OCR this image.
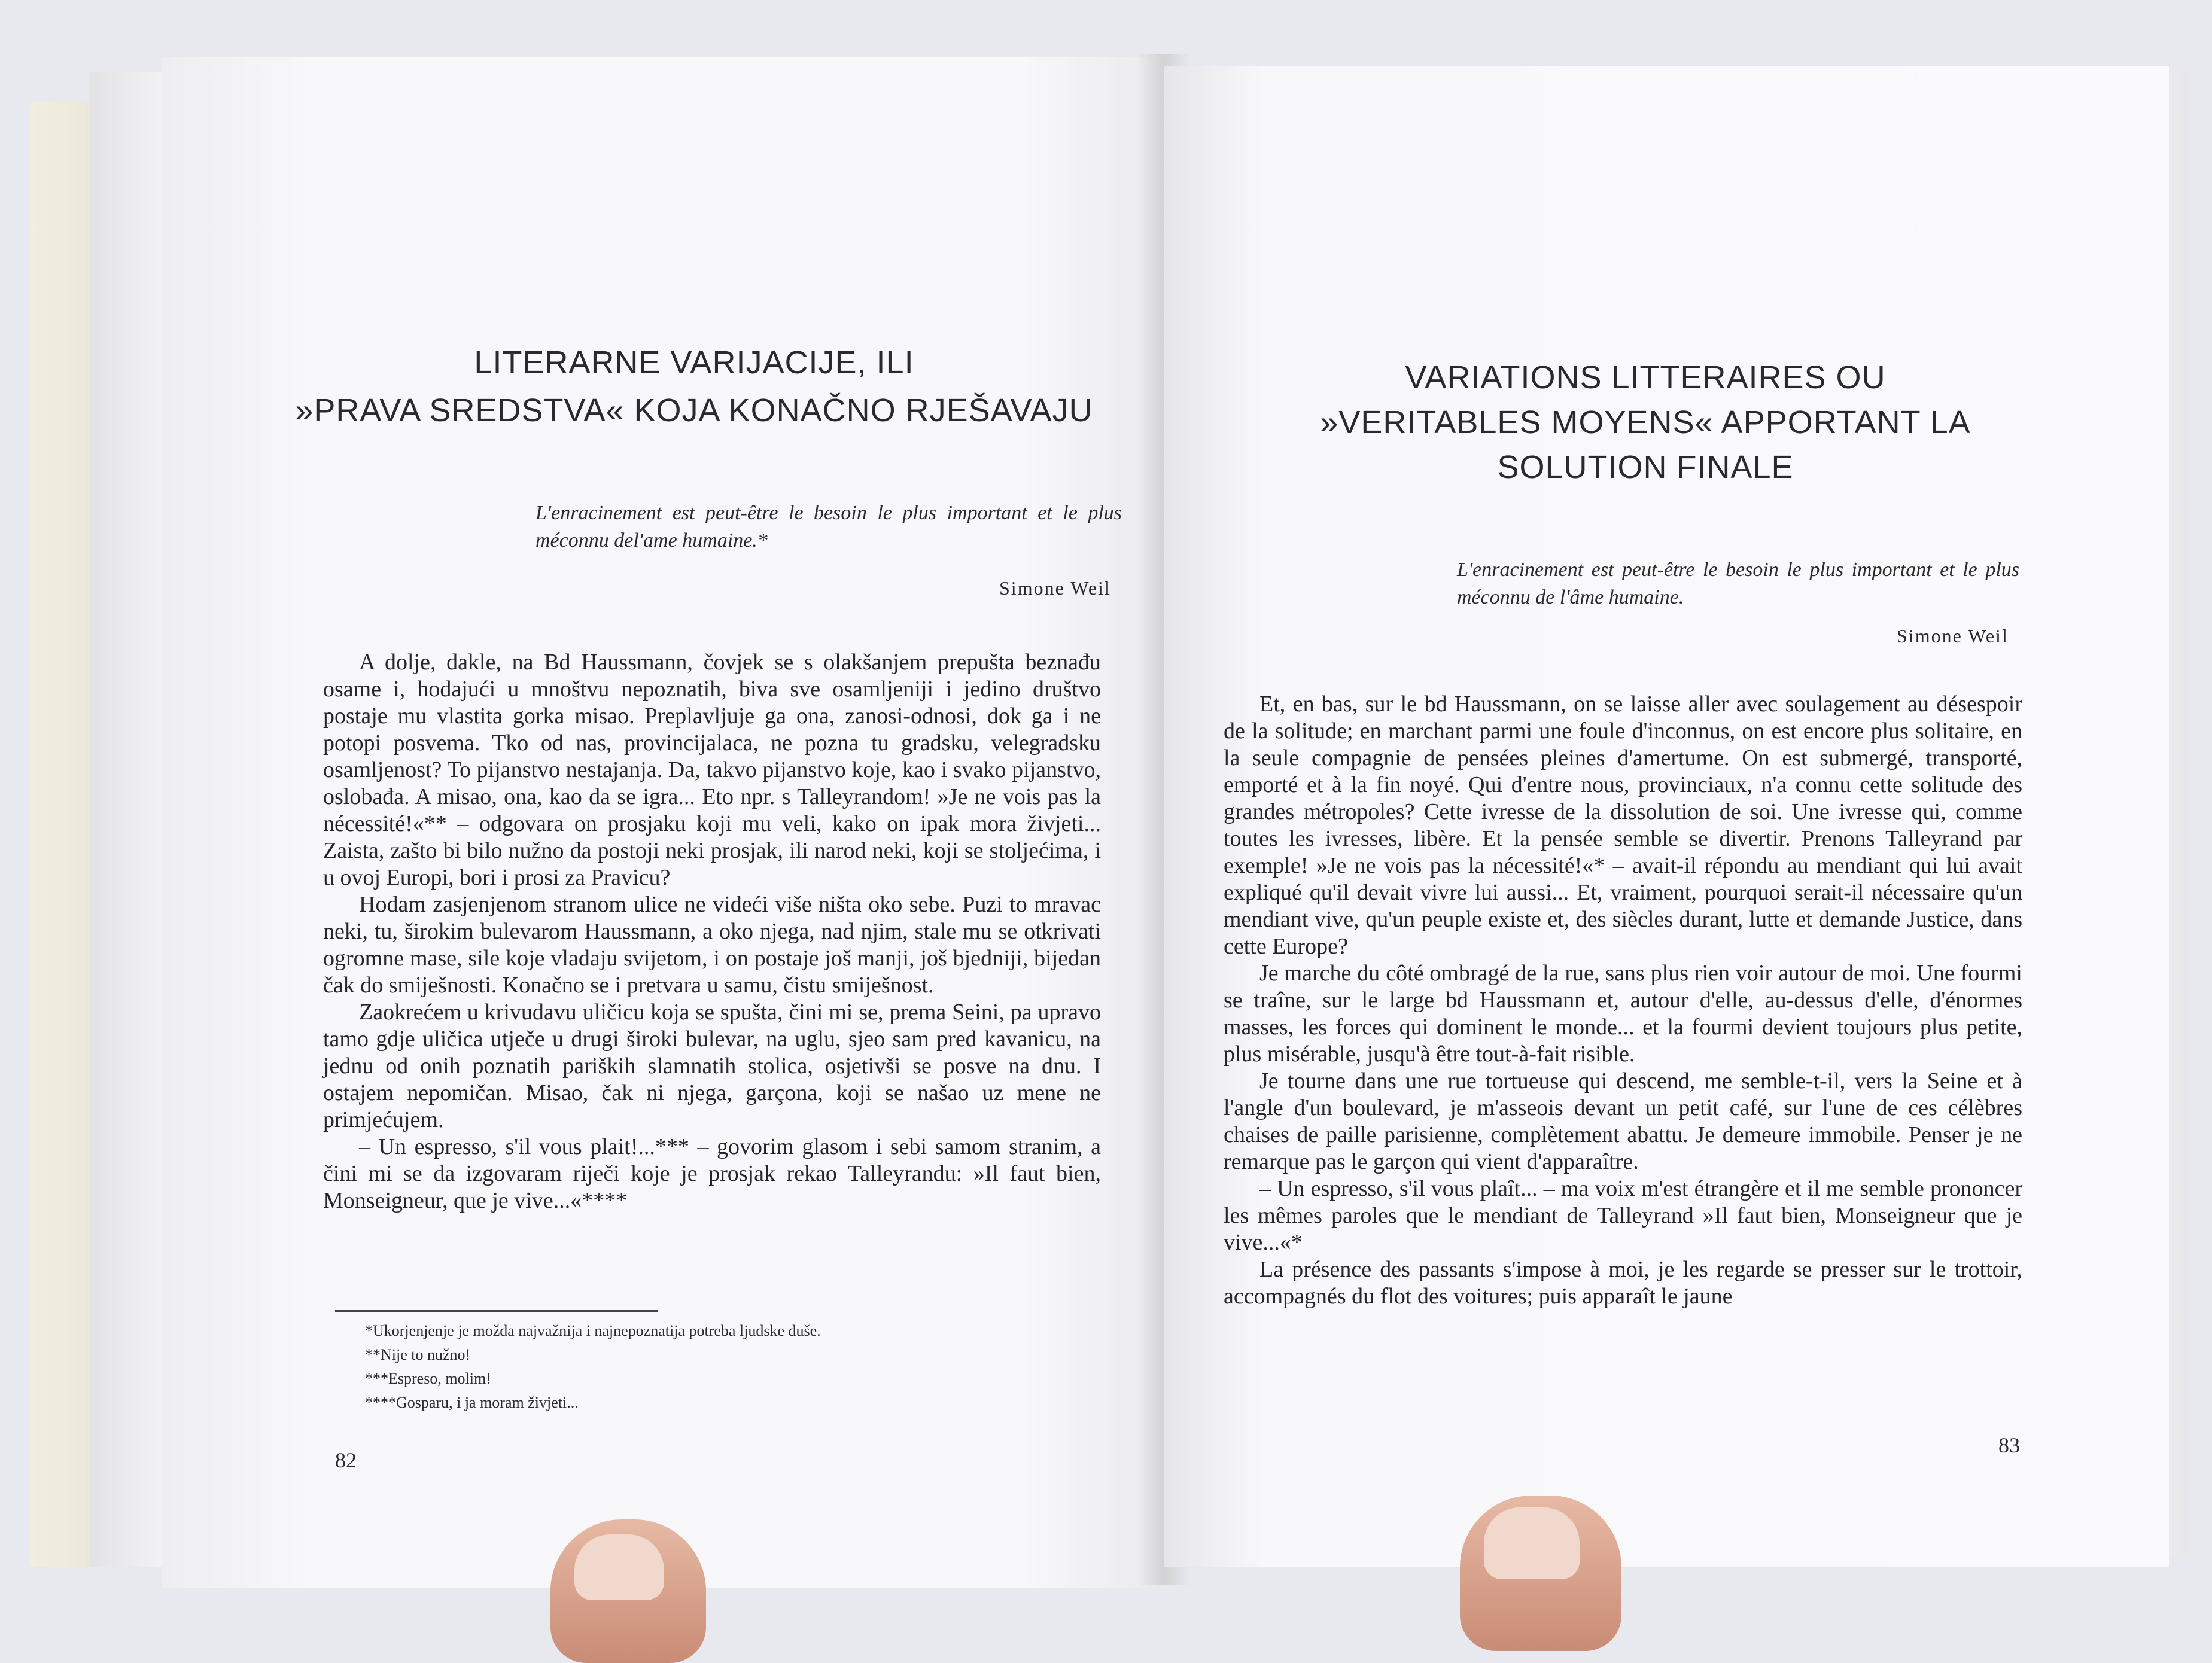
LITERARNE VARIJACIJE, ILI
»PRAVA SREDSTVA« KOJA KONAČNO RJEŠAVAJU
L'enracinement est peut-être le besoin le plus important et le plus méconnu del'ame humaine.*
Simone Weil

A dolje, dakle, na Bd Haussmann, čovjek se s olakšanjem prepušta beznađu osame i, hodajući u mnoštvu nepoznatih, biva sve osamljeniji i jedino društvo postaje mu vlastita gorka misao. Preplavljuje ga ona, zanosi-odnosi, dok ga i ne potopi posvema. Tko od nas, provincijalaca, ne pozna tu gradsku, velegradsku osamljenost? To pijanstvo nestajanja. Da, takvo pijanstvo koje, kao i svako pijanstvo, oslobađa. A misao, ona, kao da se igra... Eto npr. s Talleyrandom! »Je ne vois pas la nécessité!«** – odgovara on prosjaku koji mu veli, kako on ipak mora živjeti... Zaista, zašto bi bilo nužno da postoji neki prosjak, ili narod neki, koji se stoljećima, i u ovoj Europi, bori i prosi za Pravicu?

Hodam zasjenjenom stranom ulice ne videći više ništa oko sebe. Puzi to mravac neki, tu, širokim bulevarom Haussmann, a oko njega, nad njim, stale mu se otkrivati ogromne mase, sile koje vladaju svijetom, i on postaje još manji, još bjedniji, bijedan čak do smiješnosti. Konačno se i pretvara u samu, čistu smiješnost.

Zaokrećem u krivudavu uličicu koja se spušta, čini mi se, prema Seini, pa upravo tamo gdje uličica utječe u drugi široki bulevar, na uglu, sjeo sam pred kavanicu, na jednu od onih poznatih pariških slamnatih stolica, osjetivši se posve na dnu. I ostajem nepomičan. Misao, čak ni njega, garçona, koji se našao uz mene ne primjećujem.

– Un espresso, s'il vous plait!...*** – govorim glasom i sebi samom stranim, a čini mi se da izgovaram riječi koje je prosjak rekao Talleyrandu: »Il faut bien, Monseigneur, que je vive...«****

*Ukorjenjenje je možda najvažnija i najnepoznatija potreba ljudske duše.
**Nije to nužno!
***Espreso, molim!
****Gosparu, i ja moram živjeti...
82
VARIATIONS LITTERAIRES OU
»VERITABLES MOYENS« APPORTANT LA
SOLUTION FINALE
L'enracinement est peut-être le besoin le plus important et le plus méconnu de l'âme humaine.
Simone Weil

Et, en bas, sur le bd Haussmann, on se laisse aller avec soulagement au désespoir de la solitude; en marchant parmi une foule d'inconnus, on est encore plus solitaire, en la seule compagnie de pensées pleines d'amertume. On est submergé, transporté, emporté et à la fin noyé. Qui d'entre nous, provinciaux, n'a connu cette solitude des grandes métropoles? Cette ivresse de la dissolution de soi. Une ivresse qui, comme toutes les ivresses, libère. Et la pensée semble se divertir. Prenons Talleyrand par exemple! »Je ne vois pas la nécessité!«* – avait-il répondu au mendiant qui lui avait expliqué qu'il devait vivre lui aussi... Et, vraiment, pourquoi serait-il nécessaire qu'un mendiant vive, qu'un peuple existe et, des siècles durant, lutte et demande Justice, dans cette Europe?

Je marche du côté ombragé de la rue, sans plus rien voir autour de moi. Une fourmi se traîne, sur le large bd Haussmann et, autour d'elle, au-dessus d'elle, d'énormes masses, les forces qui dominent le monde... et la fourmi devient toujours plus petite, plus misérable, jusqu'à être tout-à-fait risible.

Je tourne dans une rue tortueuse qui descend, me semble-t-il, vers la Seine et à l'angle d'un boulevard, je m'asseois devant un petit café, sur l'une de ces célèbres chaises de paille parisienne, complètement abattu. Je demeure immobile. Penser je ne remarque pas le garçon qui vient d'apparaître.

– Un espresso, s'il vous plaît... – ma voix m'est étrangère et il me semble prononcer les mêmes paroles que le mendiant de Talleyrand »Il faut bien, Monseigneur que je vive...«*

La présence des passants s'impose à moi, je les regarde se presser sur le trottoir, accompagnés du flot des voitures; puis apparaît le jaune

83
